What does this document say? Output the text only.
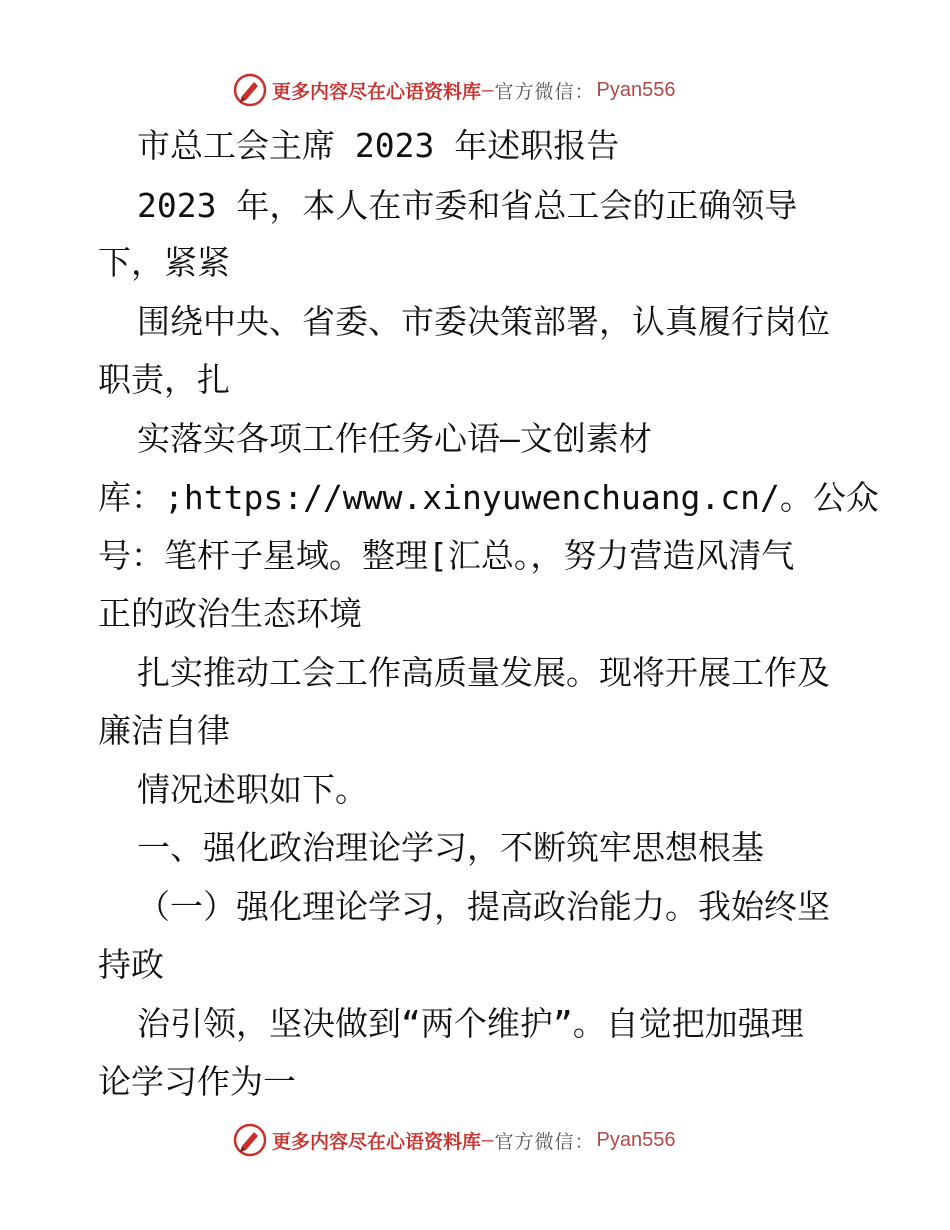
更多内容尽在心语资料库 — 官方微信： Pyan556
市总工会主席 2023 年述职报告
2023 年，本人在市委和省总工会的正确领导
下，紧紧
围绕中央、省委、市委决策部署，认真履行岗位
职责，扎
实落实各项工作任务心语—文创素材
库：;https://www.xinyuwenchuang.cn/。公众
号：笔杆子星域。整理[汇总。，努力营造风清气
正的政治生态环境
扎实推动工会工作高质量发展。现将开展工作及
廉洁自律
情况述职如下。
一、强化政治理论学习，不断筑牢思想根基
（一）强化理论学习，提高政治能力。我始终坚
持政
治引领，坚决做到“两个维护”。自觉把加强理
论学习作为一
更多内容尽在心语资料库 — 官方微信： Pyan556
